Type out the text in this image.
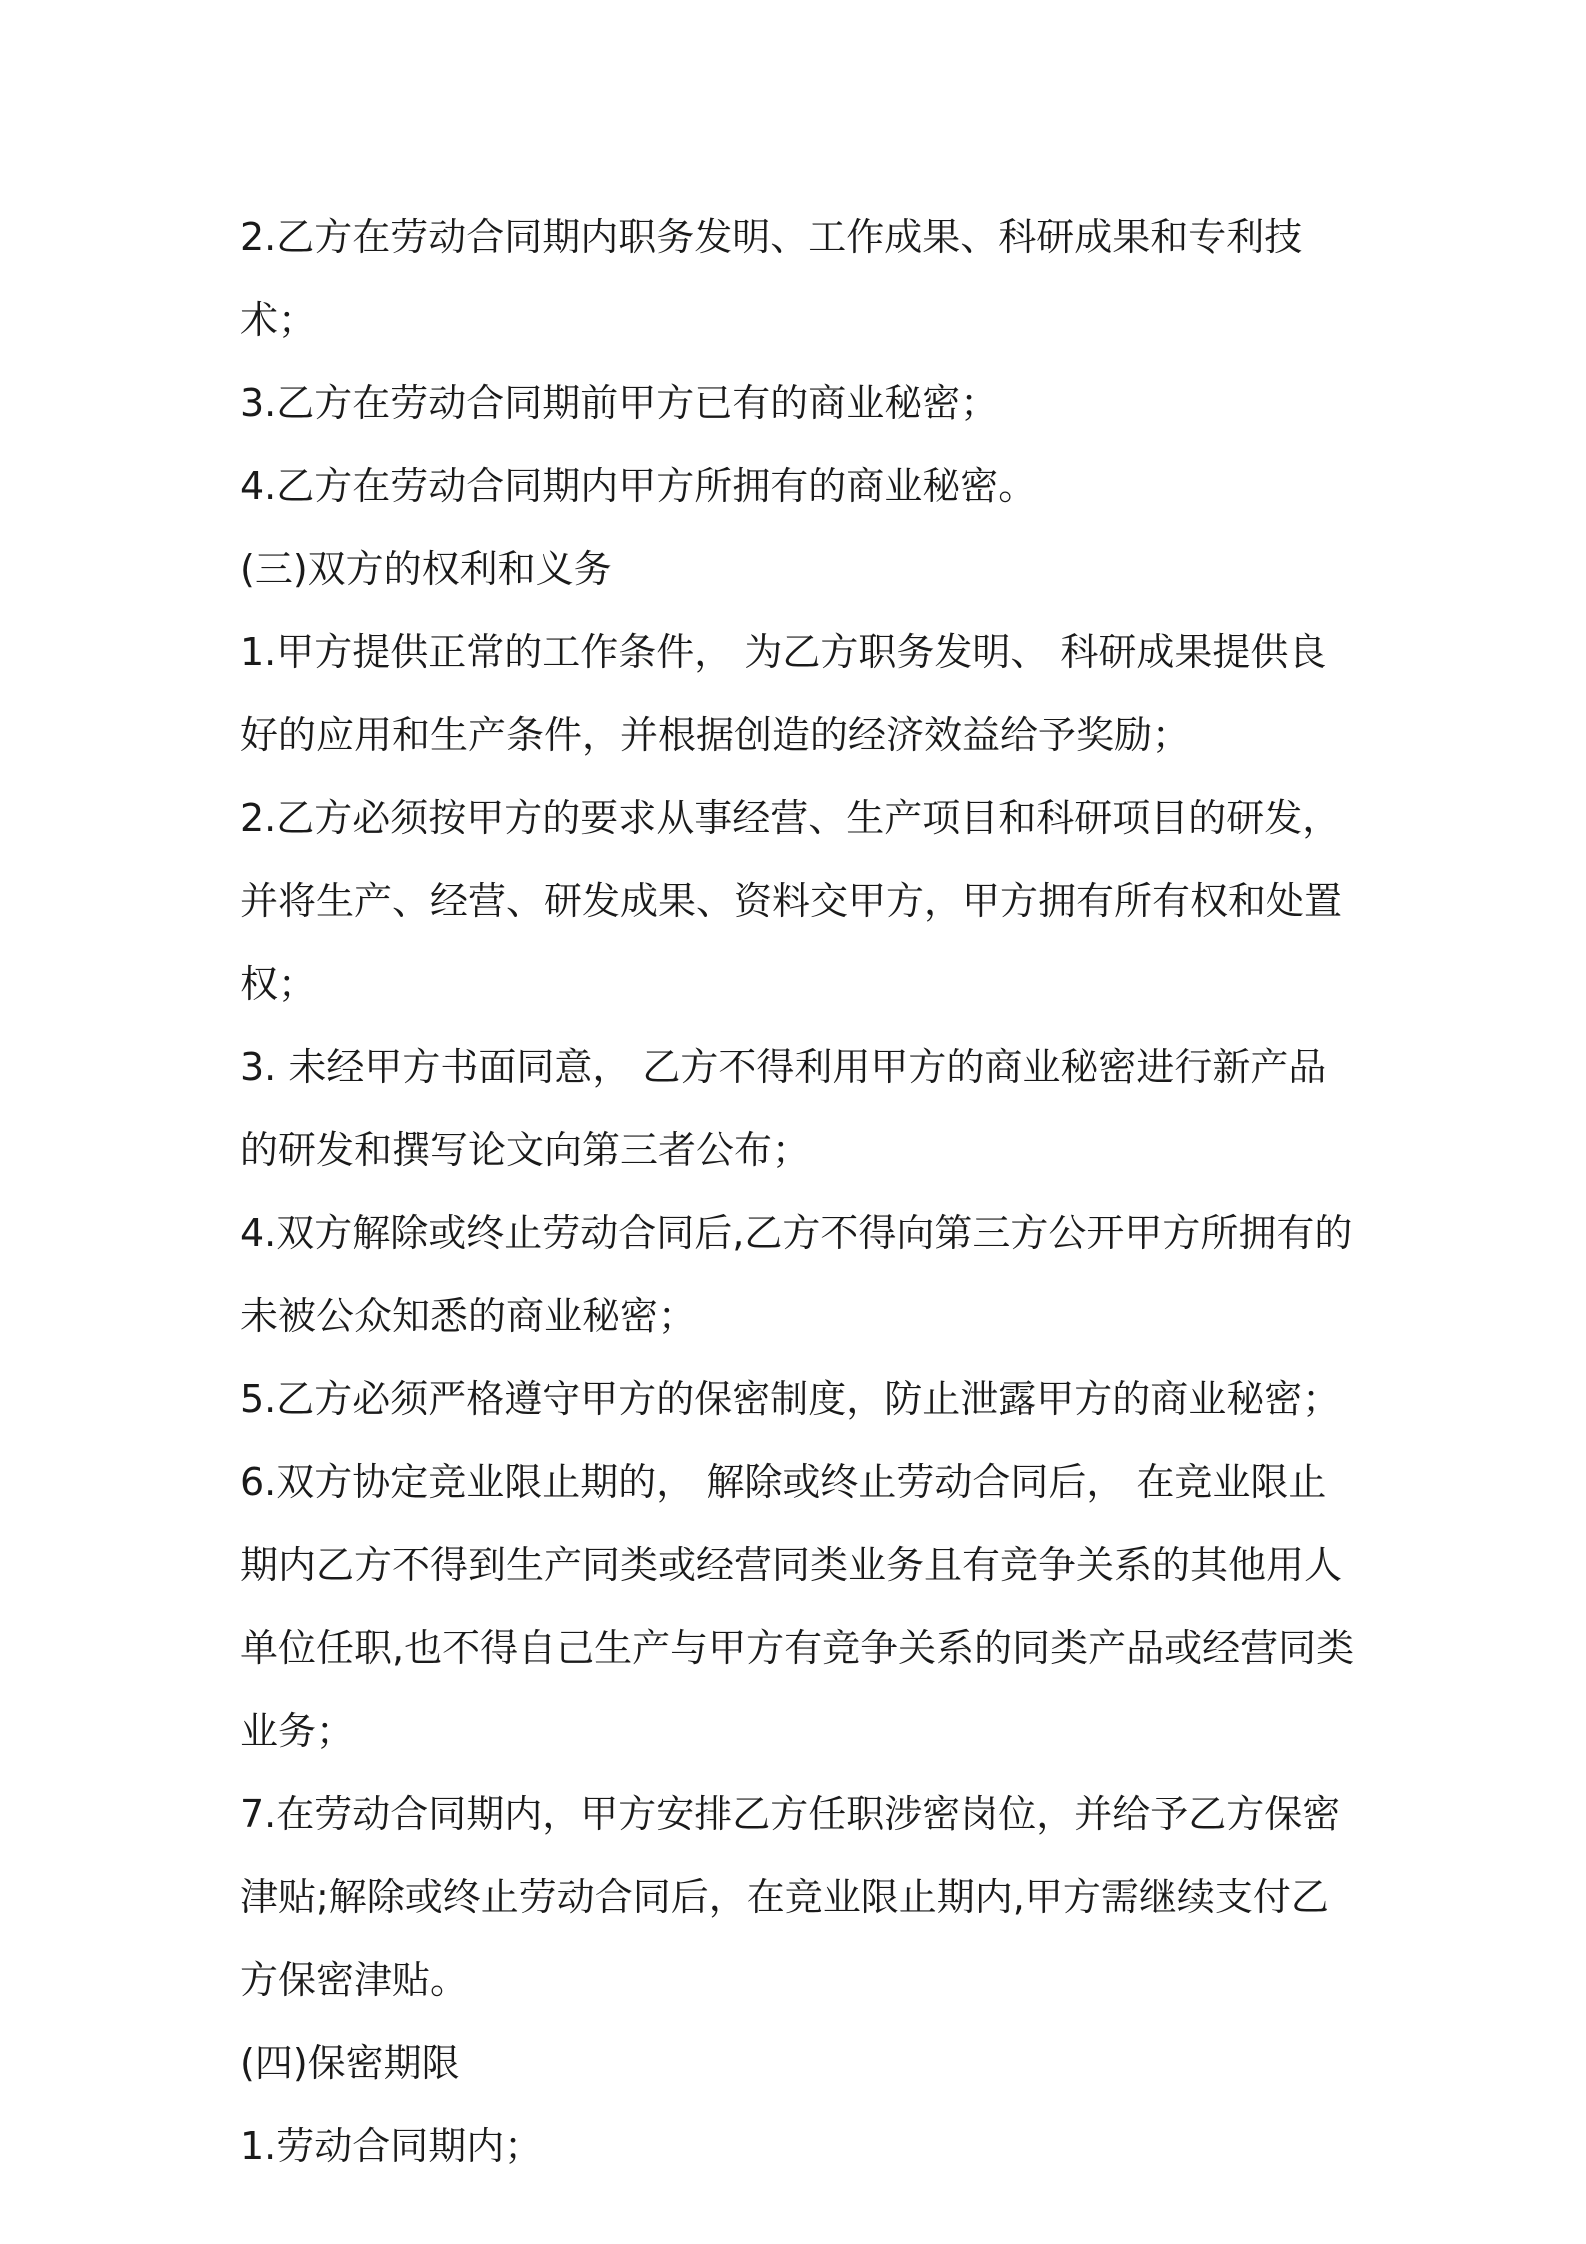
2.乙方在劳动合同期内职务发明、工作成果、科研成果和专利技术；

3.乙方在劳动合同期前甲方已有的商业秘密；

4.乙方在劳动合同期内甲方所拥有的商业秘密。

(三)双方的权利和义务

1.甲方提供正常的工作条件， 为乙方职务发明、 科研成果提供良好的应用和生产条件，并根据创造的经济效益给予奖励；

2.乙方必须按甲方的要求从事经营、生产项目和科研项目的研发，并将生产、经营、研发成果、资料交甲方，甲方拥有所有权和处置权；

3. 未经甲方书面同意， 乙方不得利用甲方的商业秘密进行新产品的研发和撰写论文向第三者公布；

4.双方解除或终止劳动合同后,乙方不得向第三方公开甲方所拥有的未被公众知悉的商业秘密；

5.乙方必须严格遵守甲方的保密制度，防止泄露甲方的商业秘密；

6.双方协定竞业限止期的， 解除或终止劳动合同后， 在竞业限止期内乙方不得到生产同类或经营同类业务且有竞争关系的其他用人单位任职,也不得自己生产与甲方有竞争关系的同类产品或经营同类业务；

7.在劳动合同期内，甲方安排乙方任职涉密岗位，并给予乙方保密津贴;解除或终止劳动合同后，在竞业限止期内,甲方需继续支付乙方保密津贴。

(四)保密期限

1.劳动合同期内；
